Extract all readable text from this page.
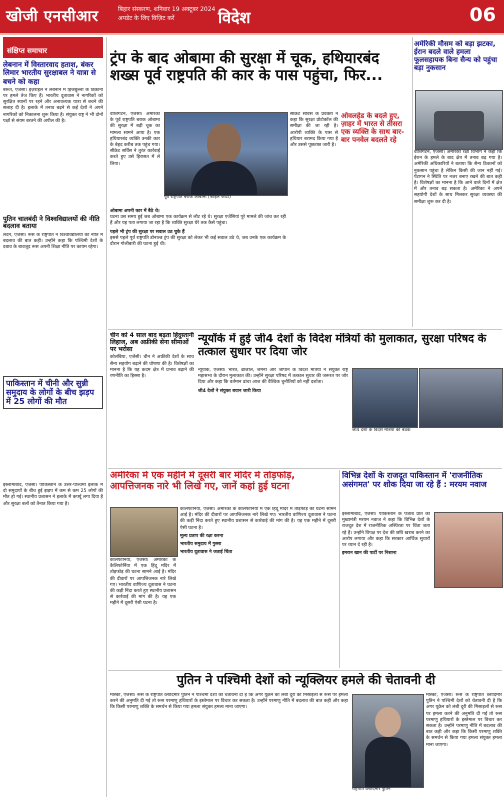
खोजी एनसीआर	बिहार संस्करण, शनिवार 19 अक्टूबर 2024
अपडेट के लिए विज़िट करें	विदेश	06
संक्षिप्त समाचार
लेबनान में विस्तारवाद हताश, बंकर लिमार भारतीय सुरक्षाबल ने यात्रा से बचने को कहा
बेरूत, एजेंसी। इज़राइल ने लेबनान में हिजबुल्ला के ठिकानों पर हमले तेज किए हैं। भारतीय दूतावास ने नागरिकों को सुरक्षित स्थानों पर रहने और अनावश्यक यात्रा से बचने की सलाह दी है। इलाके में तनाव बढ़ने से कई देशों ने अपने नागरिकों को निकालना शुरू किया है। संयुक्त राष्ट्र ने भी दोनों पक्षों से संयम बरतने की अपील की है।
पुतिन चालबंदी ने विश्वविद्यालयों की नीति बदलाव बताया
लंदन, एजेंसी। रूस के राष्ट्रपति ने विश्वविद्यालयों की नीति में बदलाव की बात कही। उन्होंने कहा कि पश्चिमी देशों के दबाव के बावजूद रूस अपनी शिक्षा नीति पर कायम रहेगा।
पाकिस्तान में चीनी और सुन्नी समुदाय के लोगों के बीच झड़प में 25 लोगों की मौत
इस्लामाबाद, एजेंसी। पाकिस्तान के उत्तर-पश्चिमी इलाके में दो समुदायों के बीच हुई झड़प में कम से कम 25 लोगों की मौत हो गई। स्थानीय प्रशासन ने इलाके में कर्फ्यू लगा दिया है और सुरक्षा बलों को तैनात किया गया है।
ट्रंप के बाद ओबामा की सुरक्षा में चूक, हथियारबंद शख्स पूर्व राष्ट्रपति की कार के पास पहुंचा, फिर...
पूर्व राष्ट्रपति बराक ओबामा (फाइल फोटो)
वाशिंगटन, एजेंसी। अमेरिका के पूर्व राष्ट्रपति बराक ओबामा की सुरक्षा में बड़ी चूक का मामला सामने आया है। एक हथियारबंद व्यक्ति उनकी कार के बेहद करीब तक पहुंच गया। सीक्रेट सर्विस ने तुरंत कार्रवाई करते हुए उसे हिरासत में ले लिया।
ओबामा अपनी कार में बैठे थे।
घटना उस समय हुई जब ओबामा एक कार्यक्रम से लौट रहे थे। सुरक्षा एजेंसियां पूरे मामले की जांच कर रही हैं और यह पता लगाया जा रहा है कि व्यक्ति सुरक्षा घेरे तक कैसे पहुंचा।
पहले भी ट्रंप की सुरक्षा पर सवाल उठ चुके हैं
इससे पहले पूर्व राष्ट्रपति डोनाल्ड ट्रंप की सुरक्षा को लेकर भी कई सवाल उठे थे, जब उनके एक कार्यक्रम के दौरान गोलीबारी की घटना हुई थी।
सीक्रेट सर्विस के प्रवक्ता ने कहा कि सुरक्षा प्रोटोकॉल की समीक्षा की जा रही है। आरोपी व्यक्ति के पास से हथियार बरामद किया गया है और उससे पूछताछ जारी है।
ओवलहेड के बदले हुए, ज़ाहर में भारत से तीसरा एक व्यक्ति के साथ बार-बार पनवेल बदलते रहे
अमेरिकी मौसम को बड़ा झटका, ईरान बदले वाले हमला फूलसहायक बिना सैन्य को पहुंचा बड़ा नुकसान
वाशिंगटन, एजेंसी। अमेरिकी रक्षा विभाग ने कहा कि ईरान के हमले के बाद क्षेत्र में तनाव बढ़ गया है। अमेरिकी अधिकारियों ने बताया कि सैन्य ठिकानों को नुकसान पहुंचा है लेकिन किसी की जान नहीं गई। पेंटागन ने स्थिति पर नजर बनाए रखने की बात कही है। विशेषज्ञों का मानना है कि आने वाले दिनों में क्षेत्र में और तनाव बढ़ सकता है। अमेरिका ने अपने सहयोगी देशों के साथ मिलकर सुरक्षा व्यवस्था की समीक्षा शुरू कर दी है।
चीन को 4 साल बाद बढ़ता हिंदुस्तानी लिहाज, अब अफ्रीकी सेना सीमाओं पर भरोसा
कोलंबिया, एजेंसी। चीन ने अफ्रीकी देशों के साथ सैन्य सहयोग बढ़ाने की घोषणा की है। विशेषज्ञों का मानना है कि यह कदम क्षेत्र में प्रभाव बढ़ाने की रणनीति का हिस्सा है।
न्यूयॉर्क में हुई जी4 देशों के विदेश मंत्रियों की मुलाकात, सुरक्षा परिषद के तत्काल सुधार पर दिया जोर
न्यूयॉर्क, एजेंसी। भारत, ब्राजील, जर्मनी और जापान के विदेश मंत्रियों ने संयुक्त राष्ट्र महासभा के दौरान मुलाकात की। उन्होंने सुरक्षा परिषद में तत्काल सुधार की जरूरत पर जोर दिया और कहा कि वर्तमान ढांचा आज की वैश्विक चुनौतियों को नहीं दर्शाता।
जी4 देशों ने संयुक्त बयान जारी किया
जी4 देशों के विदेश मंत्रियों की बैठक
अमेरिका में एक महीने में दूसरी बार मंदिर में तोड़फोड़, आपत्तिजनक नारे भी लिखे गए, जानें कहां हुई घटना
कैलिफोर्निया, एजेंसी। अमेरिका के कैलिफोर्निया में एक हिंदू मंदिर में तोड़फोड़ की घटना सामने आई है। मंदिर की दीवारों पर आपत्तिजनक नारे लिखे गए। भारतीय वाणिज्य दूतावास ने घटना की कड़ी निंदा करते हुए स्थानीय प्रशासन से कार्रवाई की मांग की है। यह एक महीने में दूसरी ऐसी घटना है।
मूल्य प्रताप की रक्षा करना
भारतीय समुदाय में गुस्सा
भारतीय दूतावास ने जताई चिंता
कैलिफोर्निया, एजेंसी। अमेरिका के कैलिफोर्निया में एक हिंदू मंदिर में तोड़फोड़ की घटना सामने आई है। मंदिर की दीवारों पर आपत्तिजनक नारे लिखे गए। भारतीय वाणिज्य दूतावास ने घटना की कड़ी निंदा करते हुए स्थानीय प्रशासन से कार्रवाई की मांग की है। यह एक महीने में दूसरी ऐसी घटना है।
विभिन्न देशों के राजदूत पाकिस्तान में 'राजनीतिक असंगमत' पर शोक दिया जा रहे हैं : मरयम नवाज
इस्लामाबाद, एजेंसी। पाकिस्तान के पंजाब प्रांत की मुख्यमंत्री मरयम नवाज ने कहा कि विभिन्न देशों के राजदूत देश में राजनीतिक अस्थिरता पर चिंता जता रहे हैं। उन्होंने विपक्ष पर देश की छवि खराब करने का आरोप लगाया और कहा कि सरकार आर्थिक सुधारों पर ध्यान दे रही है।
इमरान खान की पार्टी पर निशाना
पुतिन ने पश्चिमी देशों को न्यूक्लियर हमले की चेतावनी दी
मॉस्को, एजेंसी। रूस के राष्ट्रपति व्लादिमीर पुतिन ने पश्चिमी देशों को चेतावनी दी है कि अगर यूक्रेन को लंबी दूरी की मिसाइलों से रूस पर हमला करने की अनुमति दी गई तो रूस परमाणु हथियारों के इस्तेमाल पर विचार कर सकता है। उन्होंने परमाणु नीति में बदलाव की बात कही और कहा कि किसी परमाणु शक्ति के समर्थन से किया गया हमला संयुक्त हमला माना जाएगा।
राष्ट्रपति व्लादिमीर पुतिन
मॉस्को, एजेंसी। रूस के राष्ट्रपति व्लादिमीर पुतिन ने पश्चिमी देशों को चेतावनी दी है कि अगर यूक्रेन को लंबी दूरी की मिसाइलों से रूस पर हमला करने की अनुमति दी गई तो रूस परमाणु हथियारों के इस्तेमाल पर विचार कर सकता है। उन्होंने परमाणु नीति में बदलाव की बात कही और कहा कि किसी परमाणु शक्ति के समर्थन से किया गया हमला संयुक्त हमला माना जाएगा।
